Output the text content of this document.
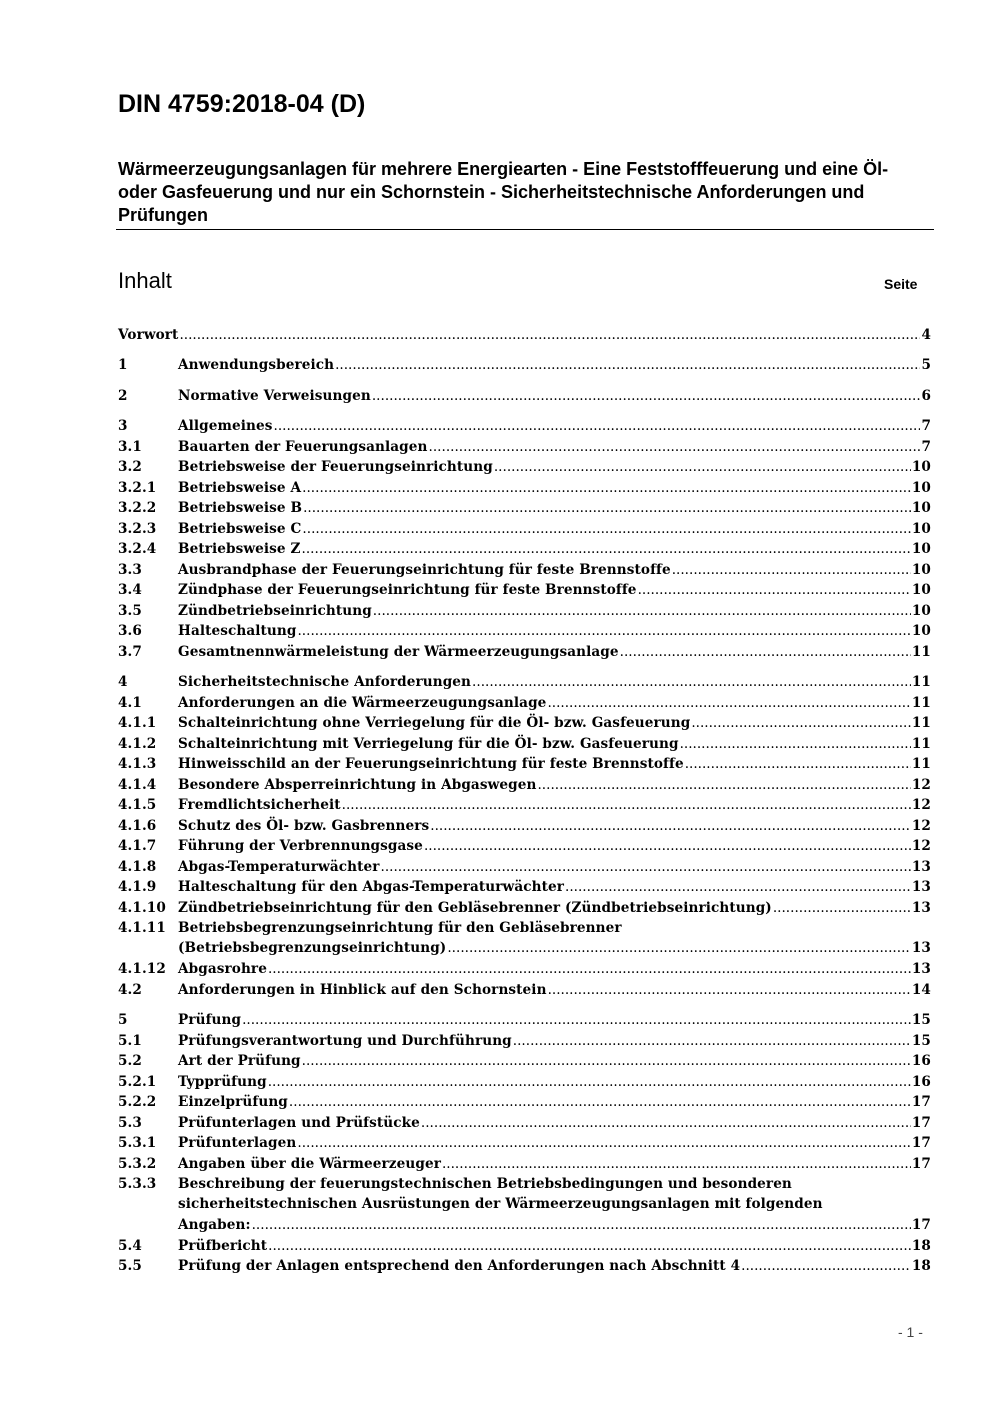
DIN 4759:2018-04 (D)
Wärmeerzeugungsanlagen für mehrere Energiearten - Eine Feststofffeuerung und eine Öl- oder Gasfeuerung und nur ein Schornstein - Sicherheitstechnische Anforderungen und Prüfungen
Inhalt	Seite
Vorwort .....	4
1	Anwendungsbereich .....	5
2	Normative Verweisungen .....	6
3	Allgemeines .....	7
3.1	Bauarten der Feuerungsanlagen .....	7
3.2	Betriebsweise der Feuerungseinrichtung .....	10
3.2.1 Betriebsweise A .....	10
3.2.2 Betriebsweise B .....	10
3.2.3 Betriebsweise C .....	10
3.2.4 Betriebsweise Z .....	10
3.3	Ausbrandphase der Feuerungseinrichtung für feste Brennstoffe .....	10
3.4	Zündphase der Feuerungseinrichtung für feste Brennstoffe .....	10
3.5	Zündbetriebseinrichtung .....	10
3.6	Halteschaltung .....	10
3.7	Gesamtnennwärmeleistung der Wärmeerzeugungsanlage .....	11
4	Sicherheitstechnische Anforderungen .....	11
4.1	Anforderungen an die Wärmeerzeugungsanlage .....	11
4.1.1 Schalteinrichtung ohne Verriegelung für die Öl- bzw. Gasfeuerung .....	11
4.1.2 Schalteinrichtung mit Verriegelung für die Öl- bzw. Gasfeuerung .....	11
4.1.3 Hinweisschild an der Feuerungseinrichtung für feste Brennstoffe .....	11
4.1.4 Besondere Absperreinrichtung in Abgaswegen .....	12
4.1.5 Fremdlichtsicherheit .....	12
4.1.6 Schutz des Öl- bzw. Gasbrenners .....	12
4.1.7 Führung der Verbrennungsgase .....	12
4.1.8 Abgas-Temperaturwächter .....	13
4.1.9 Halteschaltung für den Abgas-Temperaturwächter .....	13
4.1.10 Zündbetriebseinrichtung für den Gebläsebrenner (Zündbetriebseinrichtung) .....	13
4.1.11 Betriebsbegrenzungseinrichtung für den Gebläsebrenner
(Betriebsbegrenzungseinrichtung) .....	13
4.1.12 Abgasrohre .....	13
4.2	Anforderungen in Hinblick auf den Schornstein .....	14
5	Prüfung .....	15
5.1	Prüfungsverantwortung und Durchführung .....	15
5.2	Art der Prüfung .....	16
5.2.1 Typprüfung .....	16
5.2.2 Einzelprüfung .....	17
5.3	Prüfunterlagen und Prüfstücke .....	17
5.3.1 Prüfunterlagen .....	17
5.3.2 Angaben über die Wärmeerzeuger .....	17
5.3.3 Beschreibung der feuerungstechnischen Betriebsbedingungen und besonderen
sicherheitstechnischen Ausrüstungen der Wärmeerzeugungsanlagen mit folgenden
Angaben: .....	17
5.4	Prüfbericht .....	18
5.5	Prüfung der Anlagen entsprechend den Anforderungen nach Abschnitt 4 .....	18
- 1 -
